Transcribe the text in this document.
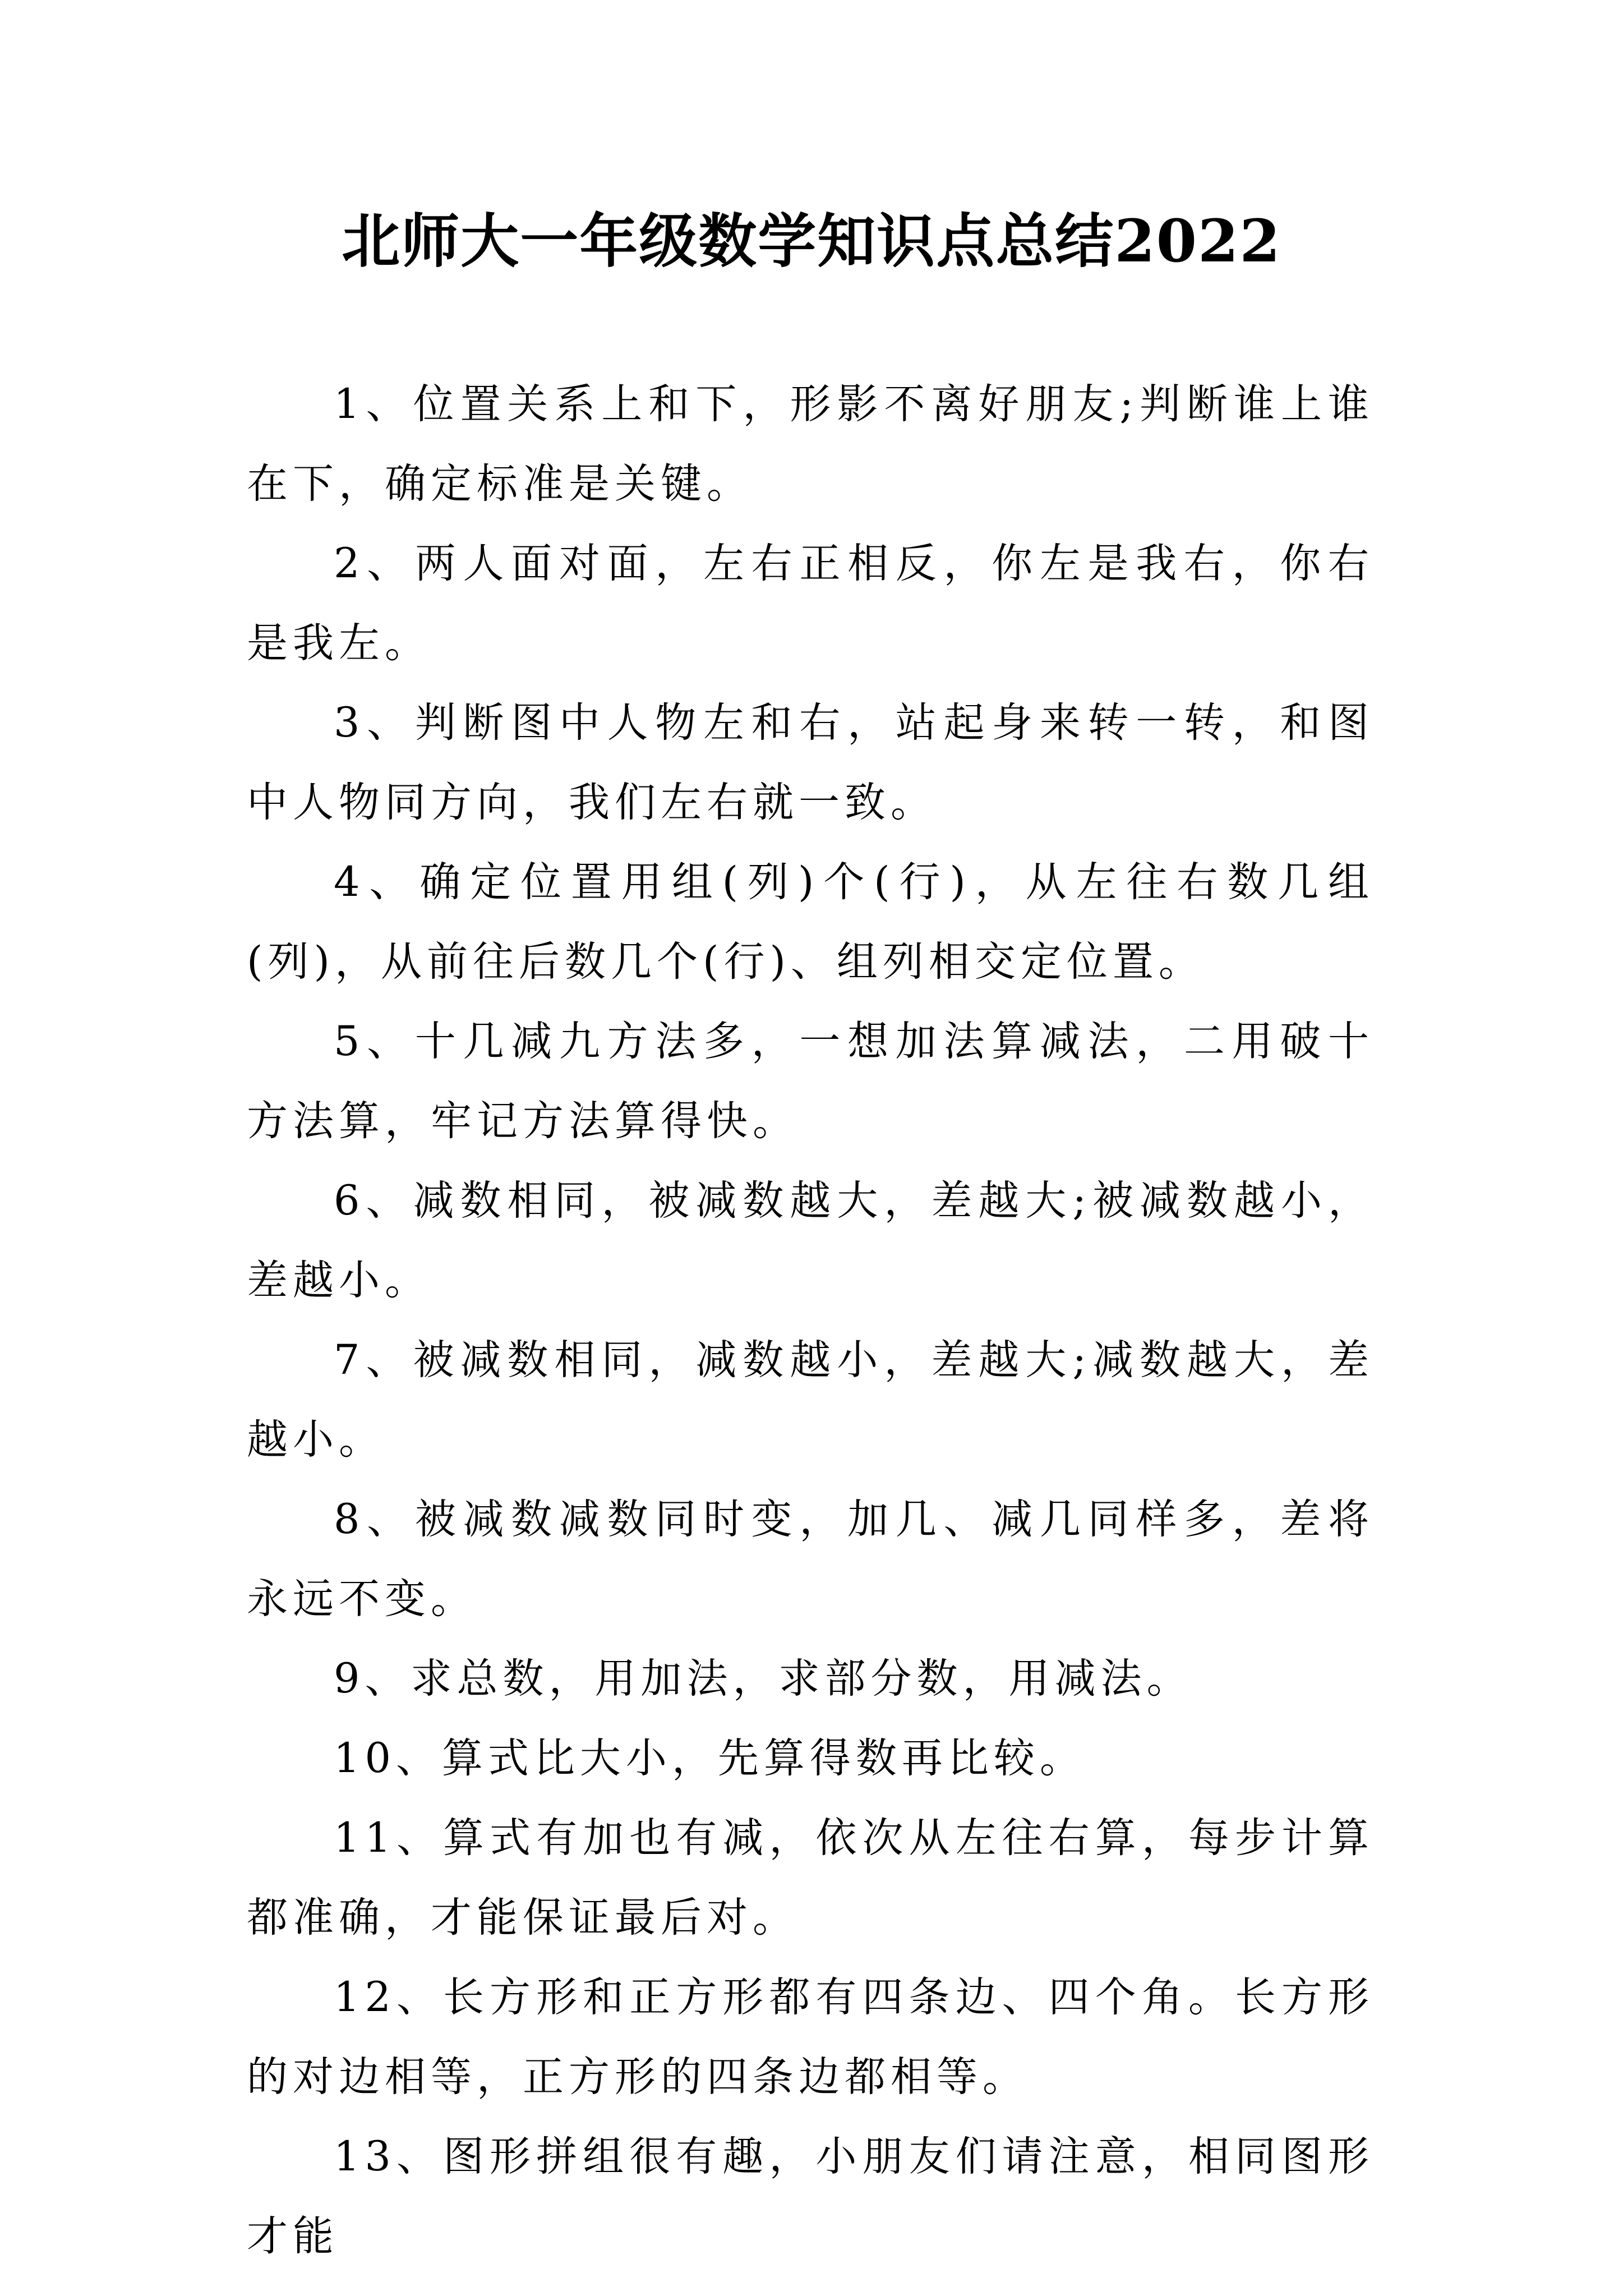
北师大一年级数学知识点总结2022

1、位置关系上和下，形影不离好朋友;判断谁上谁在下，确定标准是关键。

2、两人面对面，左右正相反，你左是我右，你右是我左。

3、判断图中人物左和右，站起身来转一转，和图中人物同方向，我们左右就一致。

4、确定位置用组(列)个(行)，从左往右数几组(列)，从前往后数几个(行)、组列相交定位置。

5、十几减九方法多，一想加法算减法，二用破十方法算，牢记方法算得快。

6、减数相同，被减数越大，差越大;被减数越小，差越小。

7、被减数相同，减数越小，差越大;减数越大，差越小。

8、被减数减数同时变，加几、减几同样多，差将永远不变。

9、求总数，用加法，求部分数，用减法。

10、算式比大小，先算得数再比较。

11、算式有加也有减，依次从左往右算，每步计算都准确，才能保证最后对。

12、长方形和正方形都有四条边、四个角。长方形的对边相等，正方形的四条边都相等。

13、图形拼组很有趣，小朋友们请注意，相同图形才能
